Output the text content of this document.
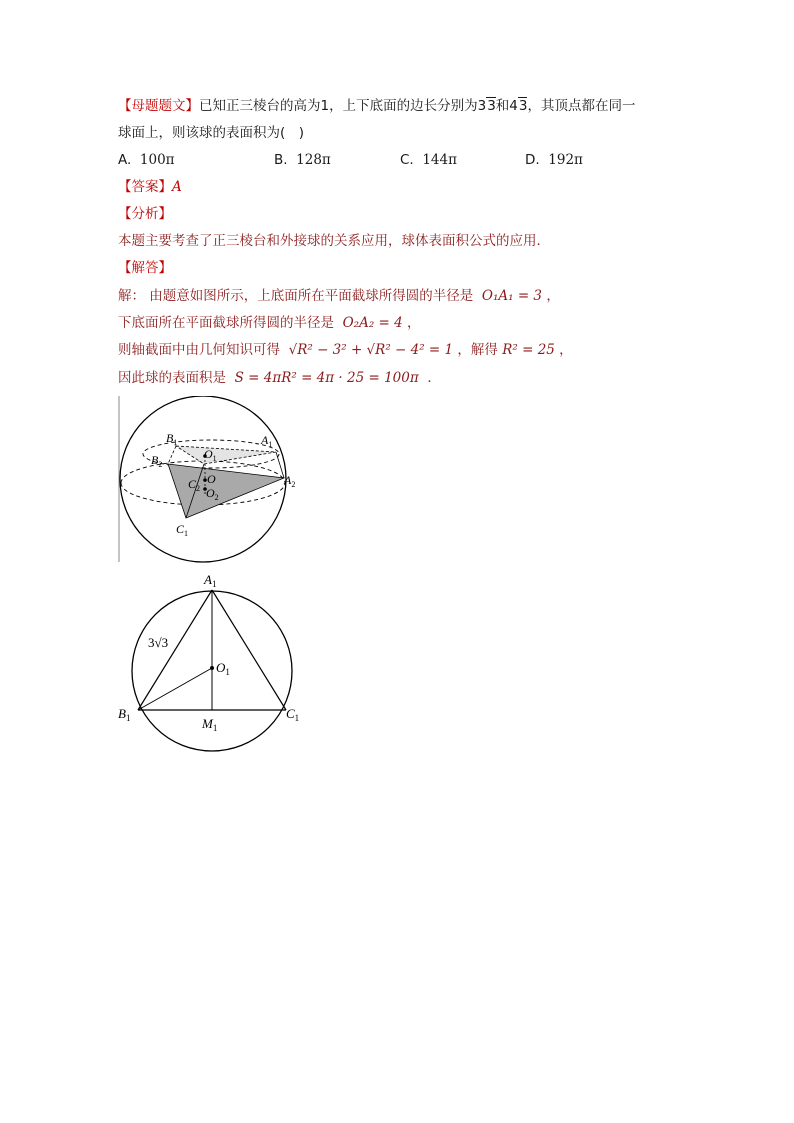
【母题题文】已知正三棱台的高为1，上下底面的边长分别为33和43，其顶点都在同一
球面上，则该球的表面积为(　)
A. 100π	B. 128π	C. 144π	D. 192π
【答案】A
【分析】
本题主要考查了正三棱台和外接球的关系应用，球体表面积公式的应用．
【解答】
解： 由题意如图所示，上底面所在平面截球所得圆的半径是 O₁A₁ = 3 ，
下底面所在平面截球所得圆的半径是 O₂A₂ = 4 ，
则轴截面中由几何知识可得 √R² − 3² + √R² − 4² = 1 ，解得 R² = 25 ，
因此球的表面积是 S = 4πR² = 4π · 25 = 100π ．
$B_1$	$A_1$
$O_1$
$B_2$
O
$C_2$ $O_2$
$A_2$
$C_1$
$A_1$
$B_1$	$C_1$
$O_1$
$M_1$
3√3
